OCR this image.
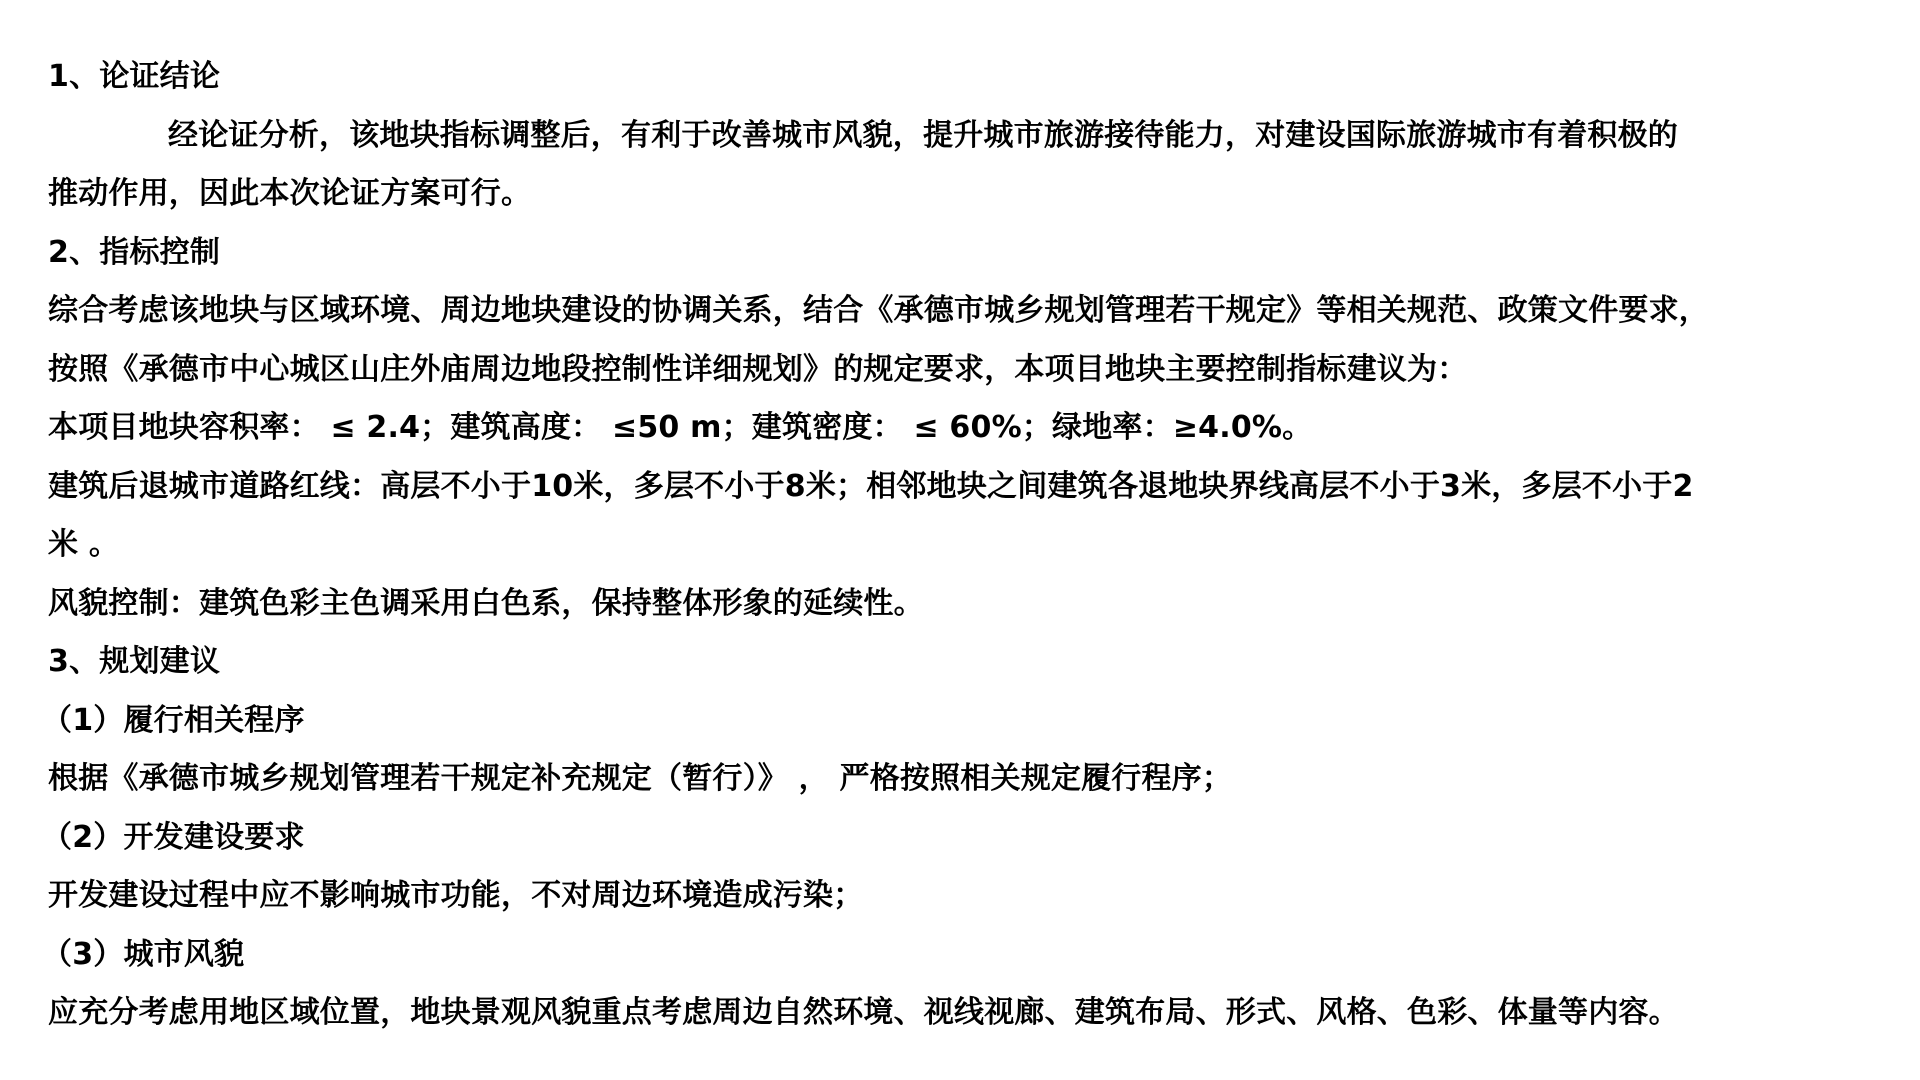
1、论证结论
经论证分析，该地块指标调整后，有利于改善城市风貌，提升城市旅游接待能力，对建设国际旅游城市有着积极的
推动作用，因此本次论证方案可行。
2、指标控制
综合考虑该地块与区域环境、周边地块建设的协调关系，结合《承德市城乡规划管理若干规定》等相关规范、政策文件要求，
按照《承德市中心城区山庄外庙周边地段控制性详细规划》的规定要求，本项目地块主要控制指标建议为：
本项目地块容积率： ≤ 2.4；建筑高度： ≤50 m；建筑密度： ≤ 60%；绿地率：≥4.0%。
建筑后退城市道路红线：高层不小于10米，多层不小于8米；相邻地块之间建筑各退地块界线高层不小于3米，多层不小于2
米 。
风貌控制：建筑色彩主色调采用白色系，保持整体形象的延续性。
3、规划建议
（1）履行相关程序
根据《承德市城乡规划管理若干规定补充规定（暂行）》 ， 严格按照相关规定履行程序；
（2）开发建设要求
开发建设过程中应不影响城市功能，不对周边环境造成污染；
（3）城市风貌
应充分考虑用地区域位置，地块景观风貌重点考虑周边自然环境、视线视廊、建筑布局、形式、风格、色彩、体量等内容。
